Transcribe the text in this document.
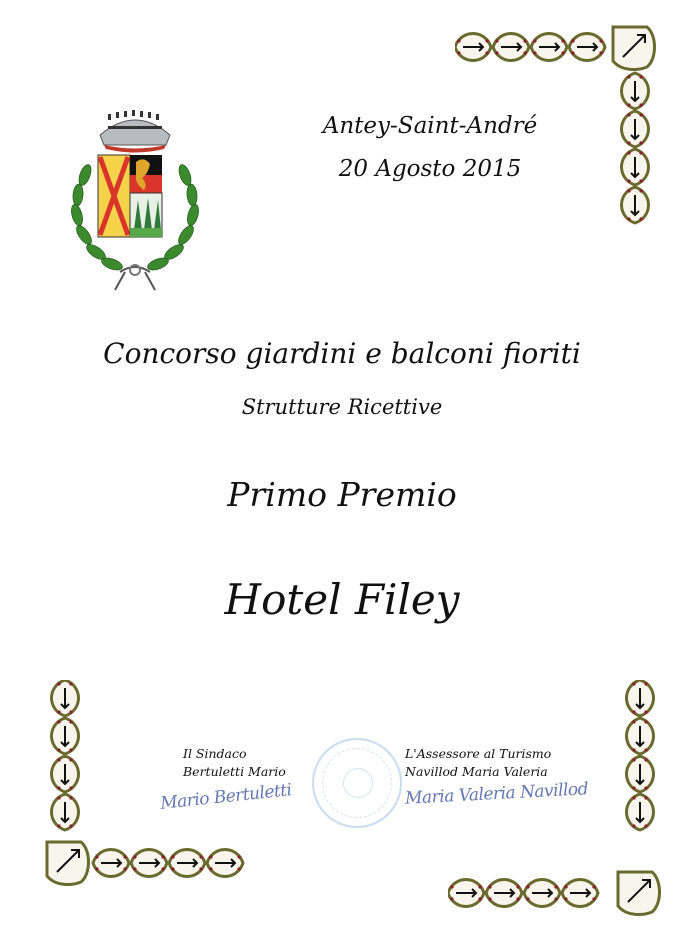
Antey-Saint-André
20 Agosto 2015
Concorso giardini e balconi fioriti
Strutture Ricettive
Primo Premio
Hotel Filey
Il Sindaco
Bertuletti Mario
Mario Bertuletti
L'Assessore al Turismo
Navillod Maria Valeria
Maria Valeria Navillod
